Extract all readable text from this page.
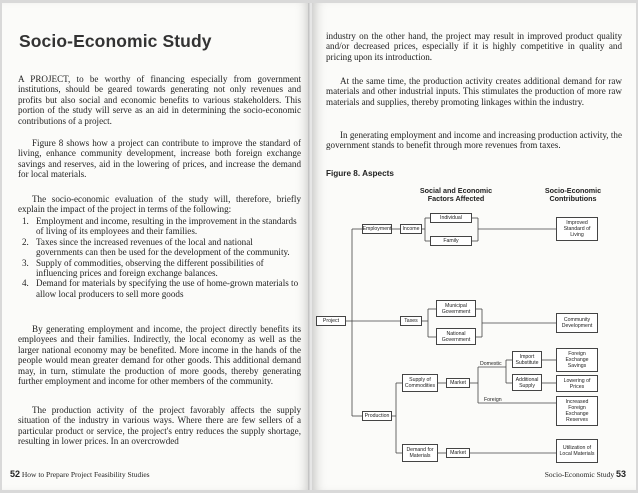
Socio-Economic Study
A PROJECT, to be worthy of financing especially from government institutions, should be geared towards generating not only revenues and profits but also social and economic benefits to various stakeholders. This portion of the study will serve as an aid in determining the socio-economic contributions of a project.
Figure 8 shows how a project can contribute to improve the standard of living, enhance community development, increase both foreign exchange savings and reserves, aid in the lowering of prices, and increase the demand for local materials.
The socio-economic evaluation of the study will, therefore, briefly explain the impact of the project in terms of the following:
1. Employment and income, resulting in the improvement in the standards of living of its employees and their families.
2. Taxes since the increased revenues of the local and national governments can then be used for the development of the community.
3. Supply of commodities, observing the different possibilities of influencing prices and foreign exchange balances.
4. Demand for materials by specifying the use of home-grown materials to allow local producers to sell more goods
By generating employment and income, the project directly benefits its employees and their families. Indirectly, the local economy as well as the larger national economy may be benefited. More income in the hands of the people would mean greater demand for other goods. This additional demand may, in turn, stimulate the production of more goods, thereby generating further employment and income for other members of the community.
The production activity of the project favorably affects the supply situation of the industry in various ways. Where there are few sellers of a particular product or service, the project's entry reduces the supply shortage, resulting in lower prices. In an overcrowded
52 How to Prepare Project Feasibility Studies
industry on the other hand, the project may result in improved product quality and/or decreased prices, especially if it is highly competitive in quality and pricing upon its introduction.
At the same time, the production activity creates additional demand for raw materials and other industrial inputs. This stimulates the production of more raw materials and supplies, thereby promoting linkages within the industry.
In generating employment and income and increasing production activity, the government stands to benefit through more revenues from taxes.
Figure 8. Aspects
Social and Economic Factors Affected
Socio-Economic Contributions
Project
Employment	Income
Individual
Family
Taxes
Municipal Government
National Government
Production
Supply of Commodities	Market
Demand for Materials	Market
Import Substitute
Additional Supply
Improved Standard of Living
Community Development
Foreign Exchange Savings
Lowering of Prices
Increased Foreign Exchange Reserves
Utilization of Local Materials
Domestic
Foreign
Socio-Economic Study 53
